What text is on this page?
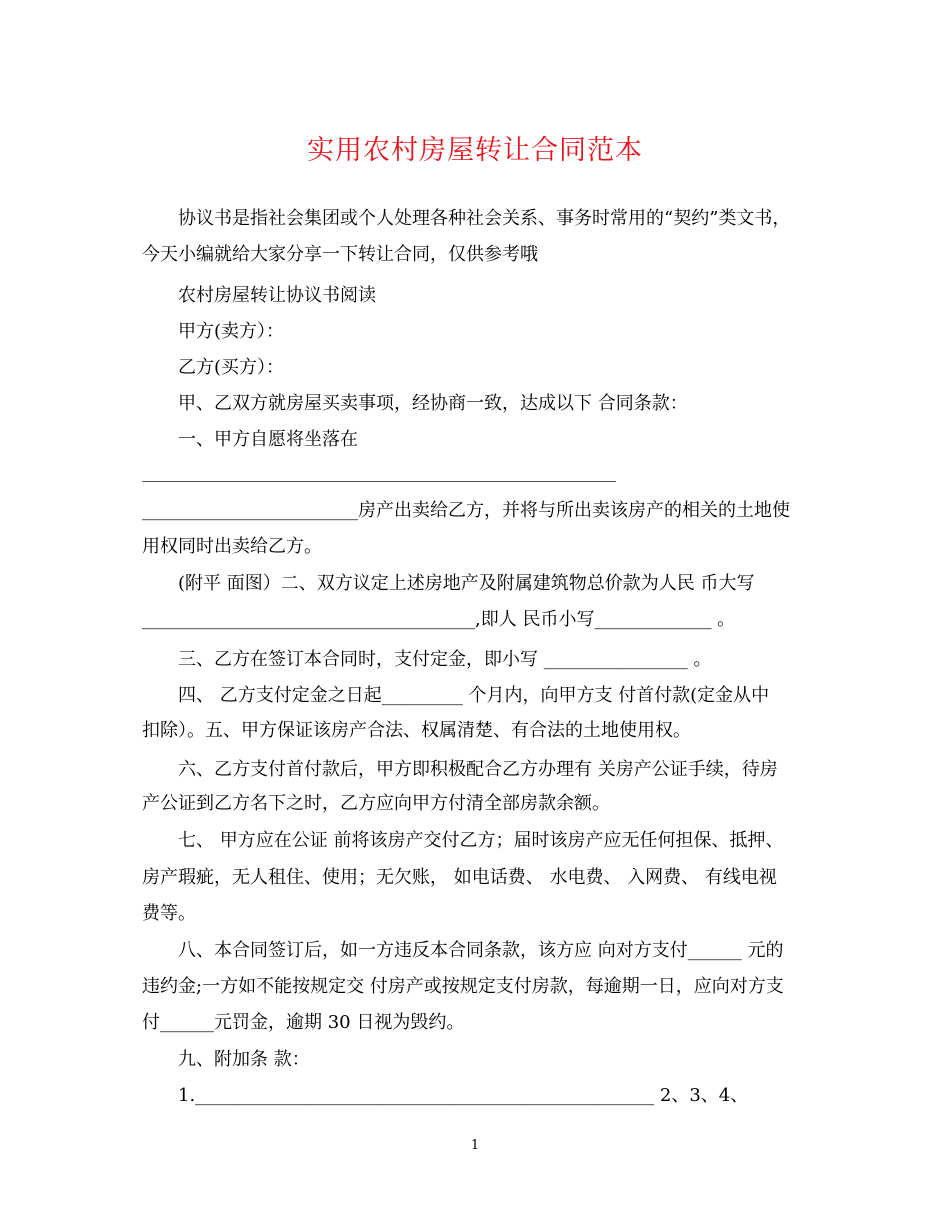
实用农村房屋转让合同范本
协议书是指社会集团或个人处理各种社会关系、事务时常用的“契约”类文书，
今天小编就给大家分享一下转让合同，仅供参考哦
农村房屋转让协议书阅读
甲方(卖方）：
乙方(买方）：
甲、乙双方就房屋买卖事项，经协商一致，达成以下 合同条款：
一、甲方自愿将坐落在
________________________房产出卖给乙方，并将与所出卖该房产的相关的土地使
用权同时出卖给乙方。
(附平 面图）二、双方议定上述房地产及附属建筑物总价款为人民 币大写
_____________________________________,即人 民币小写_____________ 。
三、乙方在签订本合同时，支付定金，即小写 ________________ 。
四、 乙方支付定金之日起_________ 个月内，向甲方支 付首付款(定金从中
扣除）。五、甲方保证该房产合法、权属清楚、有合法的土地使用权。
六、乙方支付首付款后，甲方即积极配合乙方办理有 关房产公证手续，待房
产公证到乙方名下之时，乙方应向甲方付清全部房款余额。
七、 甲方应在公证 前将该房产交付乙方；届时该房产应无任何担保、抵押、
房产瑕疵，无人租住、使用；无欠账， 如电话费、 水电费、 入网费、 有线电视
费等。
八、本合同签订后，如一方违反本合同条款，该方应 向对方支付______ 元的
违约金;一方如不能按规定交 付房产或按规定支付房款，每逾期一日，应向对方支
付______元罚金，逾期 30 日视为毁约。
九、附加条 款：
1.___________________________________________________ 2、3、4、
1
